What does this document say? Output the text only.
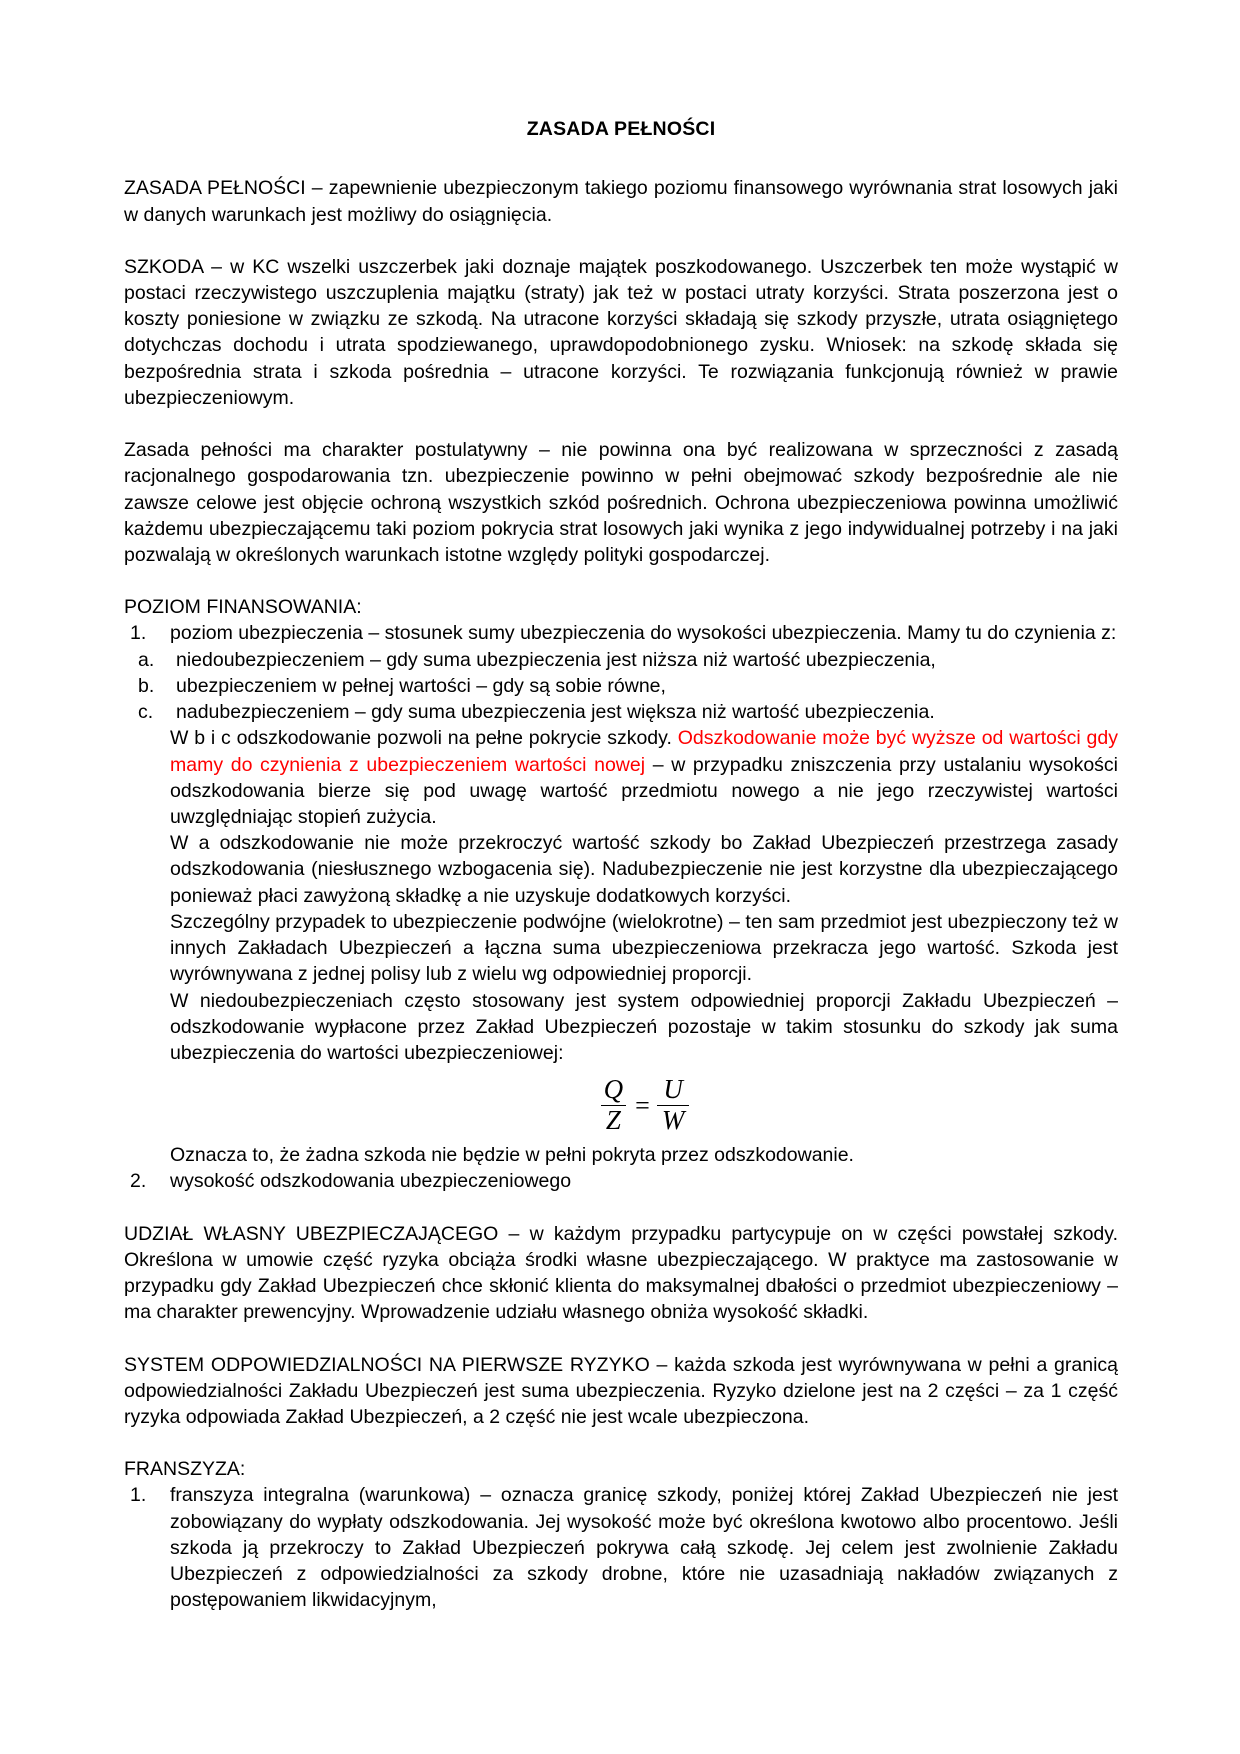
ZASADA PEŁNOŚCI

ZASADA PEŁNOŚCI – zapewnienie ubezpieczonym takiego poziomu finansowego wyrównania strat losowych jaki w danych warunkach jest możliwy do osiągnięcia.

SZKODA – w KC wszelki uszczerbek jaki doznaje majątek poszkodowanego. Uszczerbek ten może wystąpić w postaci rzeczywistego uszczuplenia majątku (straty) jak też w postaci utraty korzyści. Strata poszerzona jest o koszty poniesione w związku ze szkodą. Na utracone korzyści składają się szkody przyszłe, utrata osiągniętego dotychczas dochodu i utrata spodziewanego, uprawdopodobnionego zysku. Wniosek: na szkodę składa się bezpośrednia strata i szkoda pośrednia – utracone korzyści. Te rozwiązania funkcjonują również w prawie ubezpieczeniowym.

Zasada pełności ma charakter postulatywny – nie powinna ona być realizowana w sprzeczności z zasadą racjonalnego gospodarowania tzn. ubezpieczenie powinno w pełni obejmować szkody bezpośrednie ale nie zawsze celowe jest objęcie ochroną wszystkich szkód pośrednich. Ochrona ubezpieczeniowa powinna umożliwić każdemu ubezpieczającemu taki poziom pokrycia strat losowych jaki wynika z jego indywidualnej potrzeby i na jaki pozwalają w określonych warunkach istotne względy polityki gospodarczej.

POZIOM FINANSOWANIA:
1.	poziom ubezpieczenia – stosunek sumy ubezpieczenia do wysokości ubezpieczenia. Mamy tu do czynienia z:
a.	niedoubezpieczeniem – gdy suma ubezpieczenia jest niższa niż wartość ubezpieczenia,
b.	ubezpieczeniem w pełnej wartości – gdy są sobie równe,
c.	nadubezpieczeniem – gdy suma ubezpieczenia jest większa niż wartość ubezpieczenia.
W b i c odszkodowanie pozwoli na pełne pokrycie szkody. Odszkodowanie może być wyższe od wartości gdy mamy do czynienia z ubezpieczeniem wartości nowej – w przypadku zniszczenia przy ustalaniu wysokości odszkodowania bierze się pod uwagę wartość przedmiotu nowego a nie jego rzeczywistej wartości uwzględniając stopień zużycia.
W a odszkodowanie nie może przekroczyć wartość szkody bo Zakład Ubezpieczeń przestrzega zasady odszkodowania (niesłusznego wzbogacenia się). Nadubezpieczenie nie jest korzystne dla ubezpieczającego ponieważ płaci zawyżoną składkę a nie uzyskuje dodatkowych korzyści.
Szczególny przypadek to ubezpieczenie podwójne (wielokrotne) – ten sam przedmiot jest ubezpieczony też w innych Zakładach Ubezpieczeń a łączna suma ubezpieczeniowa przekracza jego wartość. Szkoda jest wyrównywana z jednej polisy lub z wielu wg odpowiedniej proporcji.
W niedoubezpieczeniach często stosowany jest system odpowiedniej proporcji Zakładu Ubezpieczeń – odszkodowanie wypłacone przez Zakład Ubezpieczeń pozostaje w takim stosunku do szkody jak suma ubezpieczenia do wartości ubezpieczeniowej:
$\frac{Q}{Z} = \frac{U}{W}$
Oznacza to, że żadna szkoda nie będzie w pełni pokryta przez odszkodowanie.
2.	wysokość odszkodowania ubezpieczeniowego

UDZIAŁ WŁASNY UBEZPIECZAJĄCEGO – w każdym przypadku partycypuje on w części powstałej szkody. Określona w umowie część ryzyka obciąża środki własne ubezpieczającego. W praktyce ma zastosowanie w przypadku gdy Zakład Ubezpieczeń chce skłonić klienta do maksymalnej dbałości o przedmiot ubezpieczeniowy – ma charakter prewencyjny. Wprowadzenie udziału własnego obniża wysokość składki.

SYSTEM ODPOWIEDZIALNOŚCI NA PIERWSZE RYZYKO – każda szkoda jest wyrównywana w pełni a granicą odpowiedzialności Zakładu Ubezpieczeń jest suma ubezpieczenia. Ryzyko dzielone jest na 2 części – za 1 część ryzyka odpowiada Zakład Ubezpieczeń, a 2 część nie jest wcale ubezpieczona.

FRANSZYZA:
1.	franszyza integralna (warunkowa) – oznacza granicę szkody, poniżej której Zakład Ubezpieczeń nie jest zobowiązany do wypłaty odszkodowania. Jej wysokość może być określona kwotowo albo procentowo. Jeśli szkoda ją przekroczy to Zakład Ubezpieczeń pokrywa całą szkodę. Jej celem jest zwolnienie Zakładu Ubezpieczeń z odpowiedzialności za szkody drobne, które nie uzasadniają nakładów związanych z postępowaniem likwidacyjnym,
